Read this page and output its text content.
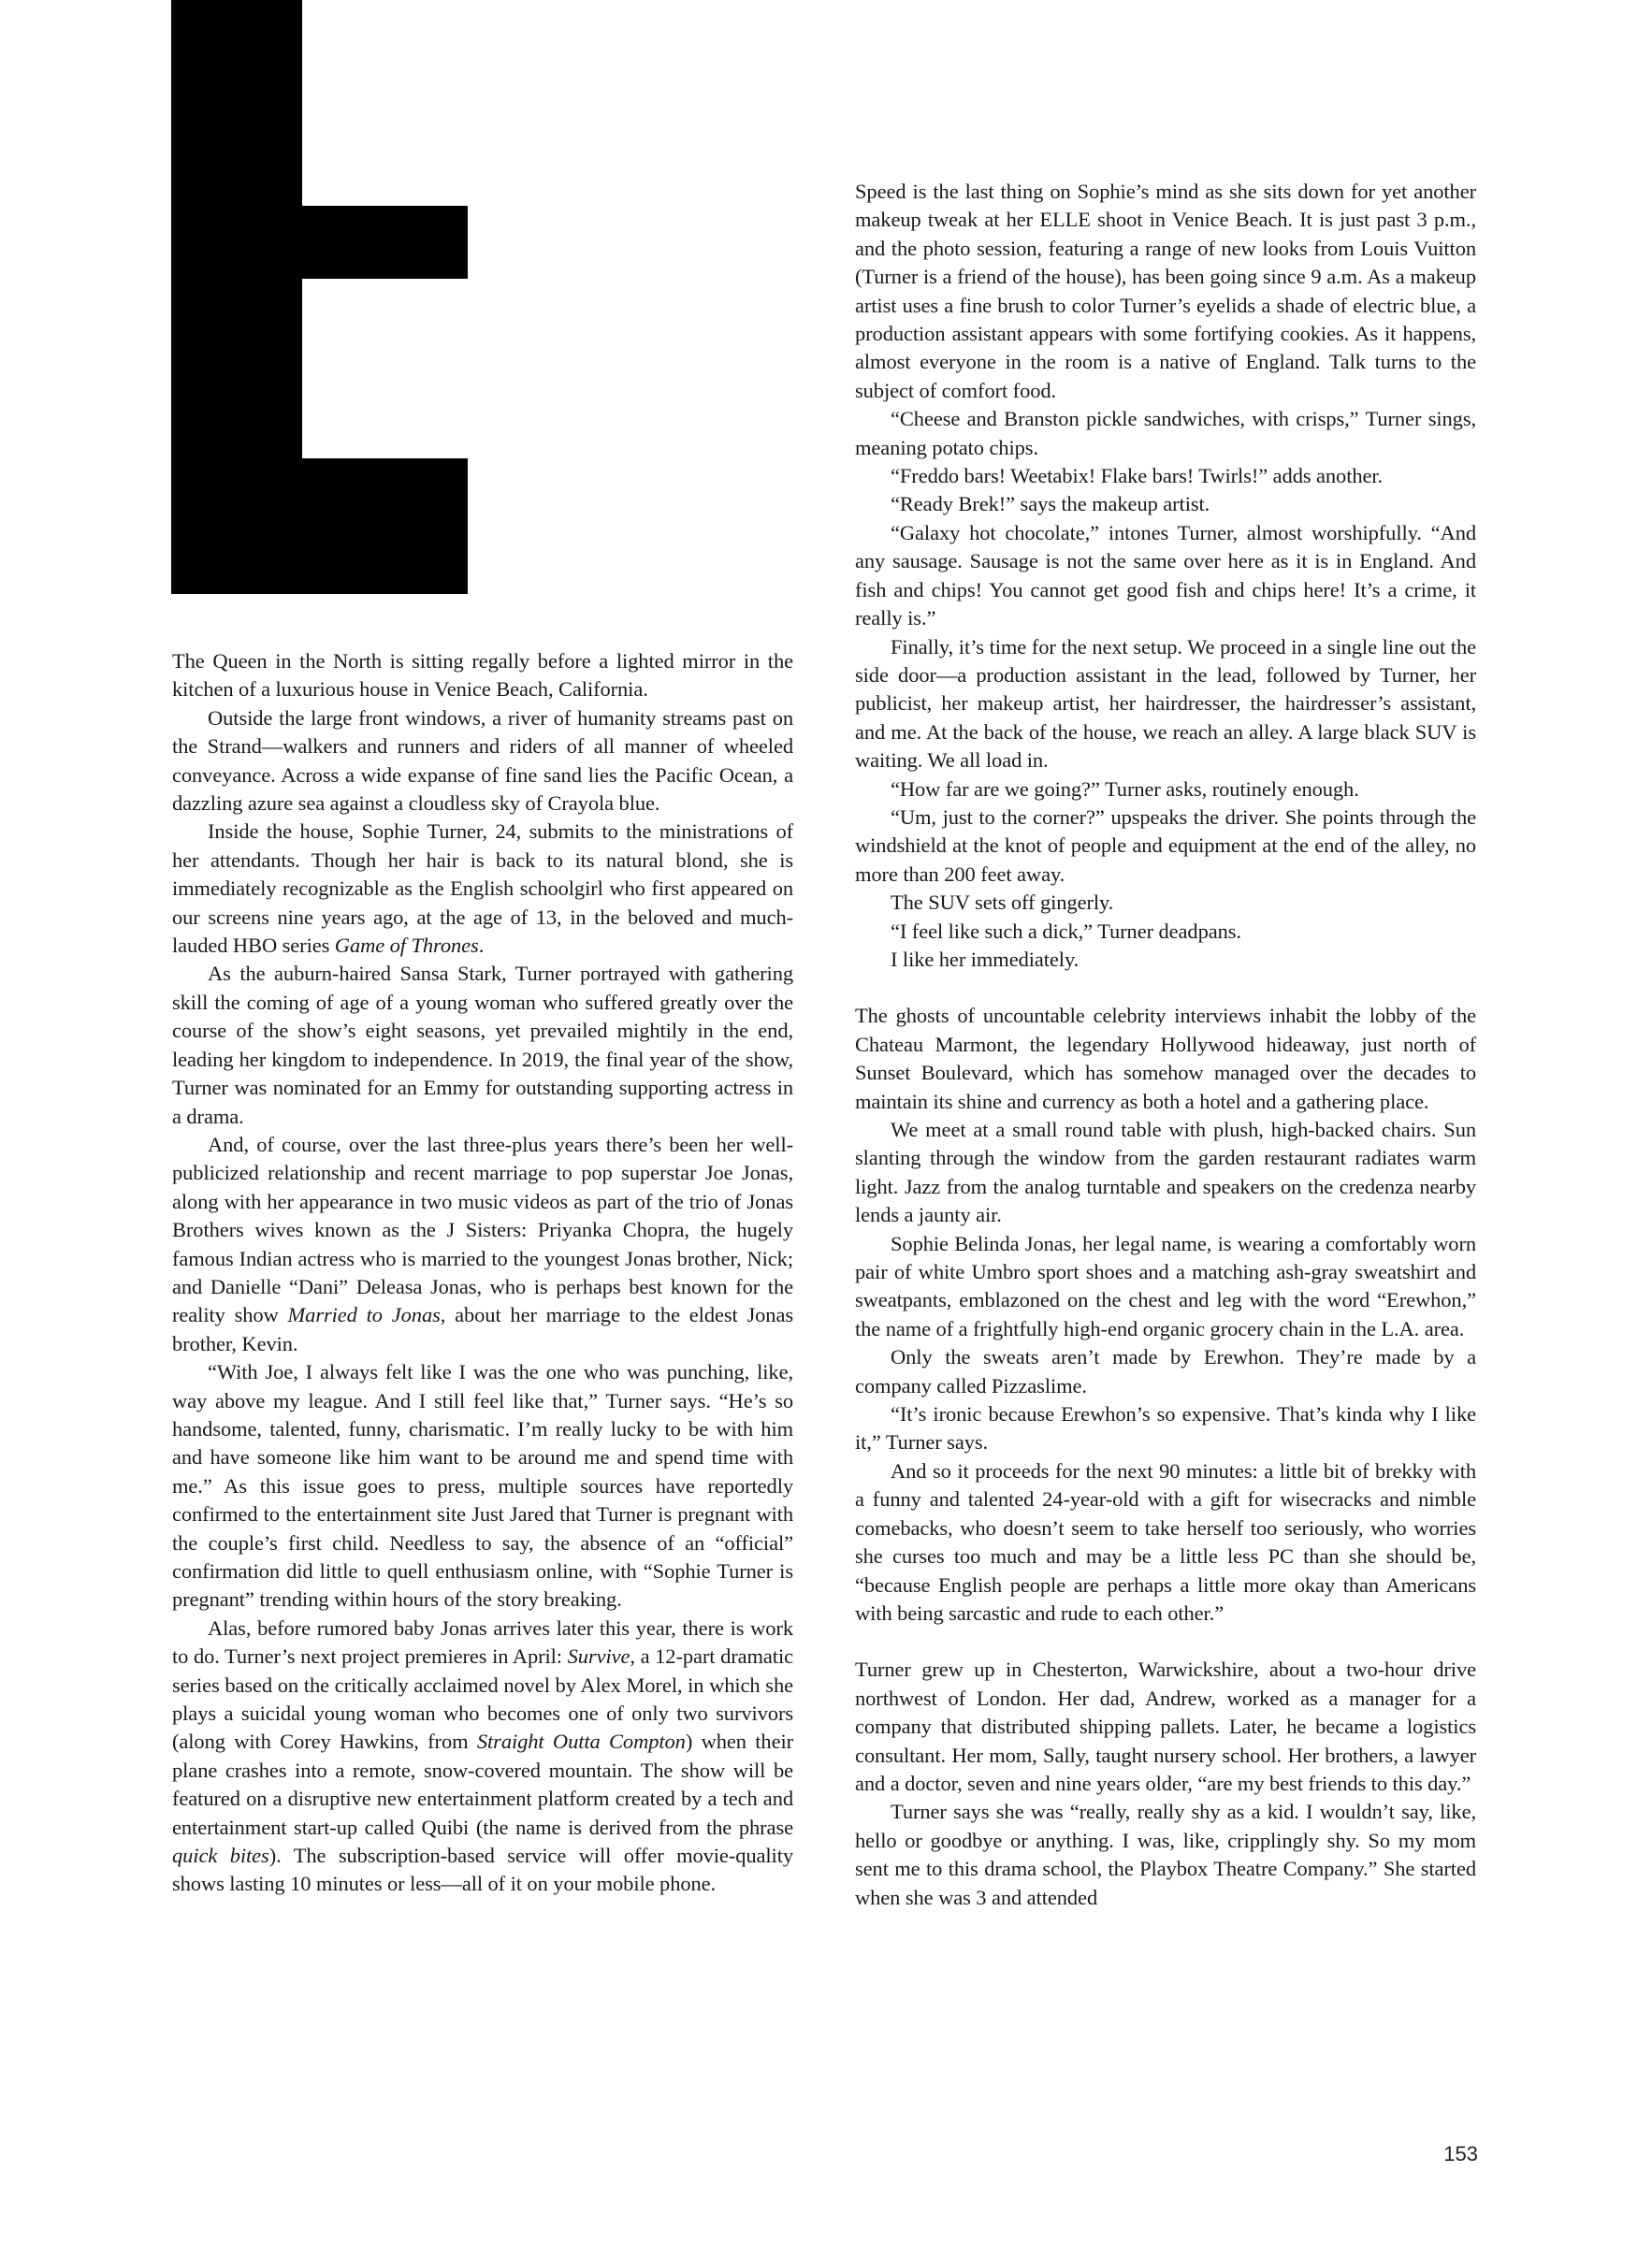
The Queen in the North is sitting regally before a lighted mirror in the kitchen of a luxurious house in Venice Beach, California.

Outside the large front windows, a river of humanity streams past on the Strand—walkers and runners and riders of all manner of wheeled conveyance. Across a wide expanse of fine sand lies the Pacific Ocean, a dazzling azure sea against a cloudless sky of Crayola blue.

Inside the house, Sophie Turner, 24, submits to the ministrations of her attendants. Though her hair is back to its natural blond, she is immediately recognizable as the English schoolgirl who first appeared on our screens nine years ago, at the age of 13, in the beloved and much-lauded HBO series Game of Thrones.

As the auburn-haired Sansa Stark, Turner portrayed with gathering skill the coming of age of a young woman who suffered greatly over the course of the show’s eight seasons, yet prevailed mightily in the end, leading her kingdom to independence. In 2019, the final year of the show, Turner was nominated for an Emmy for outstanding supporting actress in a drama.

And, of course, over the last three-plus years there’s been her well-publicized relationship and recent marriage to pop superstar Joe Jonas, along with her appearance in two music videos as part of the trio of Jonas Brothers wives known as the J Sisters: Priyanka Chopra, the hugely famous Indian actress who is married to the youngest Jonas brother, Nick; and Danielle “Dani” Deleasa Jonas, who is perhaps best known for the reality show Married to Jonas, about her marriage to the eldest Jonas brother, Kevin.

“With Joe, I always felt like I was the one who was punching, like, way above my league. And I still feel like that,” Turner says. “He’s so handsome, talented, funny, charismatic. I’m really lucky to be with him and have someone like him want to be around me and spend time with me.” As this issue goes to press, multiple sources have reportedly confirmed to the entertainment site Just Jared that Turner is pregnant with the couple’s first child. Needless to say, the absence of an “official” confirmation did little to quell enthusiasm online, with “Sophie Turner is pregnant” trending within hours of the story breaking.

Alas, before rumored baby Jonas arrives later this year, there is work to do. Turner’s next project premieres in April: Survive, a 12-part dramatic series based on the critically acclaimed novel by Alex Morel, in which she plays a suicidal young woman who becomes one of only two survivors (along with Corey Hawkins, from Straight Outta Compton) when their plane crashes into a remote, snow-covered mountain. The show will be featured on a disruptive new entertainment platform created by a tech and entertainment start-up called Quibi (the name is derived from the phrase quick bites). The subscription-based service will offer movie-quality shows lasting 10 minutes or less—all of it on your mobile phone.

Speed is the last thing on Sophie’s mind as she sits down for yet another makeup tweak at her ELLE shoot in Venice Beach. It is just past 3 p.m., and the photo session, featuring a range of new looks from Louis Vuitton (Turner is a friend of the house), has been going since 9 a.m. As a makeup artist uses a fine brush to color Turner’s eyelids a shade of electric blue, a production assistant appears with some fortifying cookies. As it happens, almost everyone in the room is a native of England. Talk turns to the subject of comfort food.

“Cheese and Branston pickle sandwiches, with crisps,” Turner sings, meaning potato chips.

“Freddo bars! Weetabix! Flake bars! Twirls!” adds another.

“Ready Brek!” says the makeup artist.

“Galaxy hot chocolate,” intones Turner, almost worshipfully. “And any sausage. Sausage is not the same over here as it is in England. And fish and chips! You cannot get good fish and chips here! It’s a crime, it really is.”

Finally, it’s time for the next setup. We proceed in a single line out the side door—a production assistant in the lead, followed by Turner, her publicist, her makeup artist, her hairdresser, the hairdresser’s assistant, and me. At the back of the house, we reach an alley. A large black SUV is waiting. We all load in.

“How far are we going?” Turner asks, routinely enough.

“Um, just to the corner?” upspeaks the driver. She points through the windshield at the knot of people and equipment at the end of the alley, no more than 200 feet away.

The SUV sets off gingerly.

“I feel like such a dick,” Turner deadpans.

I like her immediately.

The ghosts of uncountable celebrity interviews inhabit the lobby of the Chateau Marmont, the legendary Hollywood hideaway, just north of Sunset Boulevard, which has somehow managed over the decades to maintain its shine and currency as both a hotel and a gathering place.

We meet at a small round table with plush, high-backed chairs. Sun slanting through the window from the garden restaurant radiates warm light. Jazz from the analog turntable and speakers on the credenza nearby lends a jaunty air.

Sophie Belinda Jonas, her legal name, is wearing a comfortably worn pair of white Umbro sport shoes and a matching ash-gray sweatshirt and sweatpants, emblazoned on the chest and leg with the word “Erewhon,” the name of a frightfully high-end organic grocery chain in the L.A. area.

Only the sweats aren’t made by Erewhon. They’re made by a company called Pizzaslime.

“It’s ironic because Erewhon’s so expensive. That’s kinda why I like it,” Turner says.

And so it proceeds for the next 90 minutes: a little bit of brekky with a funny and talented 24-year-old with a gift for wisecracks and nimble comebacks, who doesn’t seem to take herself too seriously, who worries she curses too much and may be a little less PC than she should be, “because English people are perhaps a little more okay than Americans with being sarcastic and rude to each other.”

Turner grew up in Chesterton, Warwickshire, about a two-hour drive northwest of London. Her dad, Andrew, worked as a manager for a company that distributed shipping pallets. Later, he became a logistics consultant. Her mom, Sally, taught nursery school. Her brothers, a lawyer and a doctor, seven and nine years older, “are my best friends to this day.”

Turner says she was “really, really shy as a kid. I wouldn’t say, like, hello or goodbye or anything. I was, like, cripplingly shy. So my mom sent me to this drama school, the Playbox Theatre Company.” She started when she was 3 and attended

153
